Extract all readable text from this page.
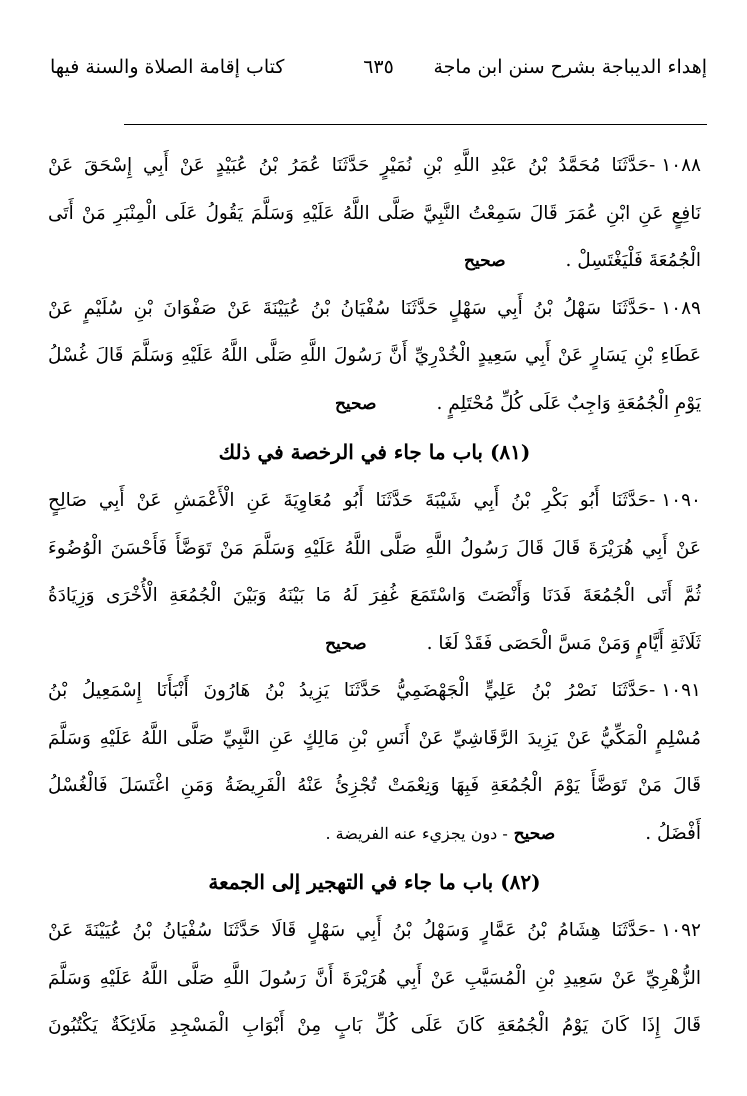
إهداء الديباجة بشرح سنن ابن ماجة
٦٣٥
كتاب إقامة الصلاة والسنة فيها
١٠٨٨-حَدَّثَنَا مُحَمَّدُ بْنُ عَبْدِ اللَّهِ بْنِ نُمَيْرٍ حَدَّثَنَا عُمَرُ بْنُ عُبَيْدٍ عَنْ أَبِي إِسْحَقَ عَنْ
نَافِعٍ عَنِ ابْنِ عُمَرَ قَالَ سَمِعْتُ النَّبِيَّ صَلَّى اللَّهُ عَلَيْهِ وَسَلَّمَ يَقُولُ عَلَى الْمِنْبَرِ مَنْ أَتَى
الْجُمُعَةَ فَلْيَغْتَسِلْ .صحيح
١٠٨٩-حَدَّثَنَا سَهْلُ بْنُ أَبِي سَهْلٍ حَدَّثَنَا سُفْيَانُ بْنُ عُيَيْنَةَ عَنْ صَفْوَانَ بْنِ سُلَيْمٍ عَنْ
عَطَاءِ بْنِ يَسَارٍ عَنْ أَبِي سَعِيدٍ الْخُدْرِيِّ أَنَّ رَسُولَ اللَّهِ صَلَّى اللَّهُ عَلَيْهِ وَسَلَّمَ قَالَ غُسْلُ
يَوْمِ الْجُمُعَةِ وَاجِبٌ عَلَى كُلِّ مُحْتَلِمٍ .صحيح
(٨١) باب ما جاء في الرخصة في ذلك
١٠٩٠-حَدَّثَنَا أَبُو بَكْرِ بْنُ أَبِي شَيْبَةَ حَدَّثَنَا أَبُو مُعَاوِيَةَ عَنِ الْأَعْمَشِ عَنْ أَبِي صَالِحٍ
عَنْ أَبِي هُرَيْرَةَ قَالَ قَالَ رَسُولُ اللَّهِ صَلَّى اللَّهُ عَلَيْهِ وَسَلَّمَ مَنْ تَوَضَّأَ فَأَحْسَنَ الْوُضُوءَ
ثُمَّ أَتَى الْجُمُعَةَ فَدَنَا وَأَنْصَتَ وَاسْتَمَعَ غُفِرَ لَهُ مَا بَيْنَهُ وَبَيْنَ الْجُمُعَةِ الْأُخْرَى وَزِيَادَةُ
ثَلَاثَةِ أَيَّامٍ وَمَنْ مَسَّ الْحَصَى فَقَدْ لَغَا .صحيح
١٠٩١-حَدَّثَنَا نَصْرُ بْنُ عَلِيٍّ الْجَهْضَمِيُّ حَدَّثَنَا يَزِيدُ بْنُ هَارُونَ أَنْبَأَنَا إِسْمَعِيلُ بْنُ
مُسْلِمٍ الْمَكِّيُّ عَنْ يَزِيدَ الرَّقَاشِيِّ عَنْ أَنَسِ بْنِ مَالِكٍ عَنِ النَّبِيِّ صَلَّى اللَّهُ عَلَيْهِ وَسَلَّمَ
قَالَ مَنْ تَوَضَّأَ يَوْمَ الْجُمُعَةِ فَبِهَا وَنِعْمَتْ تُجْزِئُ عَنْهُ الْفَرِيضَةُ وَمَنِ اغْتَسَلَ فَالْغُسْلُ
أَفْضَلُ .صحيح - دون يجزيء عنه الفريضة .
(٨٢) باب ما جاء في التهجير إلى الجمعة
١٠٩٢-حَدَّثَنَا هِشَامُ بْنُ عَمَّارٍ وَسَهْلُ بْنُ أَبِي سَهْلٍ قَالَا حَدَّثَنَا سُفْيَانُ بْنُ عُيَيْنَةَ عَنْ
الزُّهْرِيِّ عَنْ سَعِيدِ بْنِ الْمُسَيَّبِ عَنْ أَبِي هُرَيْرَةَ أَنَّ رَسُولَ اللَّهِ صَلَّى اللَّهُ عَلَيْهِ وَسَلَّمَ
قَالَ إِذَا كَانَ يَوْمُ الْجُمُعَةِ كَانَ عَلَى كُلِّ بَابٍ مِنْ أَبْوَابِ الْمَسْجِدِ مَلَائِكَةٌ يَكْتُبُونَ
